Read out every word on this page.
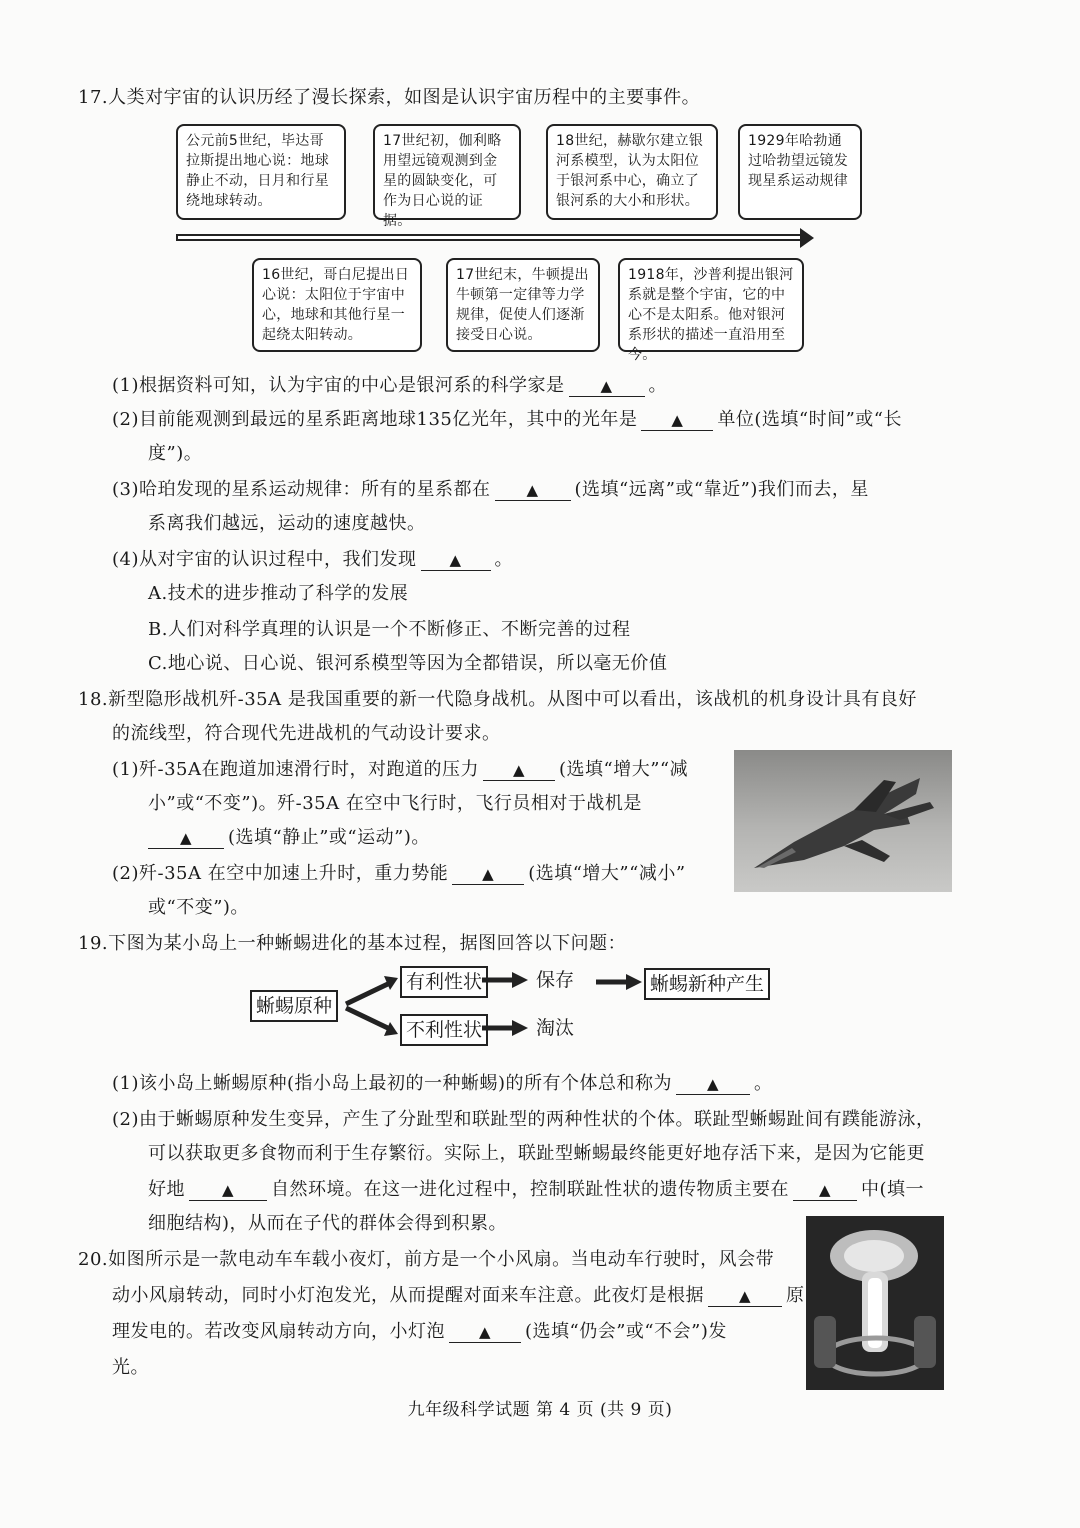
17.人类对宇宙的认识历经了漫长探索，如图是认识宇宙历程中的主要事件。
公元前5世纪，毕达哥拉斯提出地心说：地球静止不动，日月和行星绕地球转动。
17世纪初，伽利略用望远镜观测到金星的圆缺变化，可作为日心说的证据。
18世纪，赫歇尔建立银河系模型，认为太阳位于银河系中心，确立了银河系的大小和形状。
1929年哈勃通过哈勃望远镜发现星系运动规律
16世纪，哥白尼提出日心说：太阳位于宇宙中心，地球和其他行星一起绕太阳转动。
17世纪末，牛顿提出牛顿第一定律等力学规律，促使人们逐渐接受日心说。
1918年，沙普利提出银河系就是整个宇宙，它的中心不是太阳系。他对银河系形状的描述一直沿用至今。
(1)根据资料可知，认为宇宙的中心是银河系的科学家是 ▲ 。
(2)目前能观测到最远的星系距离地球135亿光年，其中的光年是 ▲ 单位(选填“时间”或“长
度”)。
(3)哈珀发现的星系运动规律：所有的星系都在 ▲ (选填“远离”或“靠近”)我们而去，星
系离我们越远，运动的速度越快。
(4)从对宇宙的认识过程中，我们发现 ▲ 。
A.技术的进步推动了科学的发展
B.人们对科学真理的认识是一个不断修正、不断完善的过程
C.地心说、日心说、银河系模型等因为全都错误，所以毫无价值
18.新型隐形战机歼-35A 是我国重要的新一代隐身战机。从图中可以看出，该战机的机身设计具有良好
的流线型，符合现代先进战机的气动设计要求。
(1)歼-35A在跑道加速滑行时，对跑道的压力 ▲ (选填“增大”“减
小”或“不变”)。歼-35A 在空中飞行时，飞行员相对于战机是
▲ (选填“静止”或“运动”)。
(2)歼-35A 在空中加速上升时，重力势能 ▲ (选填“增大”“减小”
或“不变”)。
19.下图为某小岛上一种蜥蜴进化的基本过程，据图回答以下问题：
蜥蜴原种
有利性状	保存	蜥蜴新种产生
不利性状	淘汰
(1)该小岛上蜥蜴原种(指小岛上最初的一种蜥蜴)的所有个体总和称为 ▲ 。
(2)由于蜥蜴原种发生变异，产生了分趾型和联趾型的两种性状的个体。联趾型蜥蜴趾间有蹼能游泳，
可以获取更多食物而利于生存繁衍。实际上，联趾型蜥蜴最终能更好地存活下来，是因为它能更
好地 ▲ 自然环境。在这一进化过程中，控制联趾性状的遗传物质主要在 ▲ 中(填一
细胞结构)，从而在子代的群体会得到积累。
20.如图所示是一款电动车车载小夜灯，前方是一个小风扇。当电动车行驶时，风会带
动小风扇转动，同时小灯泡发光，从而提醒对面来车注意。此夜灯是根据 ▲ 原
理发电的。若改变风扇转动方向，小灯泡 ▲ (选填“仍会”或“不会”)发
光。
九年级科学试题 第 4 页 (共 9 页)
